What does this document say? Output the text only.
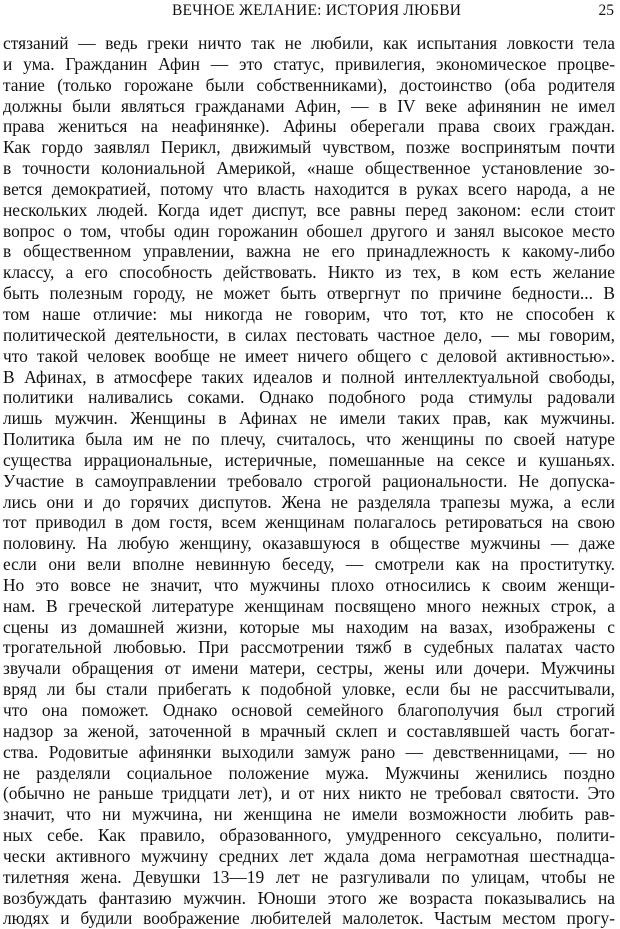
ВЕЧНОЕ ЖЕЛАНИЕ: ИСТОРИЯ ЛЮБВИ	25
стязаний — ведь греки ничто так не любили, как испытания ловкости тела
и ума. Гражданин Афин — это статус, привилегия, экономическое процве-
тание (только горожане были собственниками), достоинство (оба родителя
должны были являться гражданами Афин, — в IV веке афинянин не имел
права жениться на неафинянке). Афины оберегали права своих граждан.
Как гордо заявлял Перикл, движимый чувством, позже воспринятым почти
в точности колониальной Америкой, «наше общественное установление зо-
вется демократией, потому что власть находится в руках всего народа, а не
нескольких людей. Когда идет диспут, все равны перед законом: если стоит
вопрос о том, чтобы один горожанин обошел другого и занял высокое место
в общественном управлении, важна не его принадлежность к какому-либо
классу, а его способность действовать. Никто из тех, в ком есть желание
быть полезным городу, не может быть отвергнут по причине бедности... В
том наше отличие: мы никогда не говорим, что тот, кто не способен к
политической деятельности, в силах пестовать частное дело, — мы говорим,
что такой человек вообще не имеет ничего общего с деловой активностью».
В Афинах, в атмосфере таких идеалов и полной интеллектуальной свободы,
политики наливались соками. Однако подобного рода стимулы радовали
лишь мужчин. Женщины в Афинах не имели таких прав, как мужчины.
Политика была им не по плечу, считалось, что женщины по своей натуре
существа иррациональные, истеричные, помешанные на сексе и кушаньях.
Участие в самоуправлении требовало строгой рациональности. Не допуска-
лись они и до горячих диспутов. Жена не разделяла трапезы мужа, а если
тот приводил в дом гостя, всем женщинам полагалось ретироваться на свою
половину. На любую женщину, оказавшуюся в обществе мужчины — даже
если они вели вполне невинную беседу, — смотрели как на проститутку.
Но это вовсе не значит, что мужчины плохо относились к своим женщи-
нам. В греческой литературе женщинам посвящено много нежных строк, а
сцены из домашней жизни, которые мы находим на вазах, изображены с
трогательной любовью. При рассмотрении тяжб в судебных палатах часто
звучали обращения от имени матери, сестры, жены или дочери. Мужчины
вряд ли бы стали прибегать к подобной уловке, если бы не рассчитывали,
что она поможет. Однако основой семейного благополучия был строгий
надзор за женой, заточенной в мрачный склеп и составлявшей часть богат-
ства. Родовитые афинянки выходили замуж рано — девственницами, — но
не разделяли социальное положение мужа. Мужчины женились поздно
(обычно не раньше тридцати лет), и от них никто не требовал святости. Это
значит, что ни мужчина, ни женщина не имели возможности любить рав-
ных себе. Как правило, образованного, умудренного сексуально, полити-
чески активного мужчину средних лет ждала дома неграмотная шестнадца-
тилетняя жена. Девушки 13—19 лет не разгуливали по улицам, чтобы не
возбуждать фантазию мужчин. Юноши этого же возраста показывались на
людях и будили воображение любителей малолеток. Частым местом прогу-
